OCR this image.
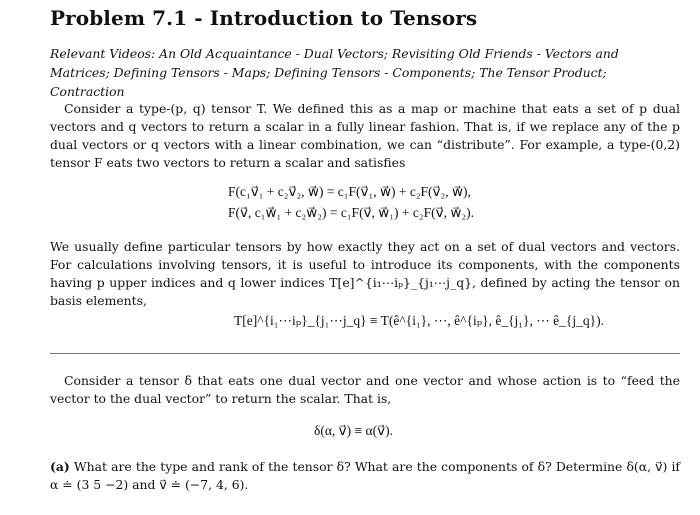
Problem 7.1 - Introduction to Tensors
Relevant Videos: An Old Acquaintance - Dual Vectors; Revisiting Old Friends - Vectors and Matrices; Defining Tensors - Maps; Defining Tensors - Components; The Tensor Product; Contraction
Consider a type-(p, q) tensor T. We defined this as a map or machine that eats a set of p dual vectors and q vectors to return a scalar in a fully linear fashion. That is, if we replace any of the p dual vectors or q vectors with a linear combination, we can “distribute”. For example, a type-(0,2) tensor F eats two vectors to return a scalar and satisfies
F(c₁v⃗₁ + c₂v⃗₂, w⃗) = c₁F(v⃗₁, w⃗) + c₂F(v⃗₂, w⃗),
F(v⃗, c₁w⃗₁ + c₂w⃗₂) = c₁F(v⃗, w⃗₁) + c₂F(v⃗, w⃗₂).
We usually define particular tensors by how exactly they act on a set of dual vectors and vectors. For calculations involving tensors, it is useful to introduce its components, with the components having p upper indices and q lower indices T[e]^{i₁⋯iₚ}_{j₁⋯j_q}, defined by acting the tensor on basis elements,
T[e]^{i₁⋯iₚ}_{j₁⋯j_q} ≡ T(ê^{i₁}, ⋯, ê^{iₚ}, ê_{j₁}, ⋯ ê_{j_q}).
Consider a tensor δ that eats one dual vector and one vector and whose action is to “feed the vector to the dual vector” to return the scalar. That is,
δ(α, v⃗) ≡ α(v⃗).
(a) What are the type and rank of the tensor δ? What are the components of δ? Determine δ(α, v⃗) if α ≐ (3 5 −2) and v⃗ ≐ (−7, 4, 6).
